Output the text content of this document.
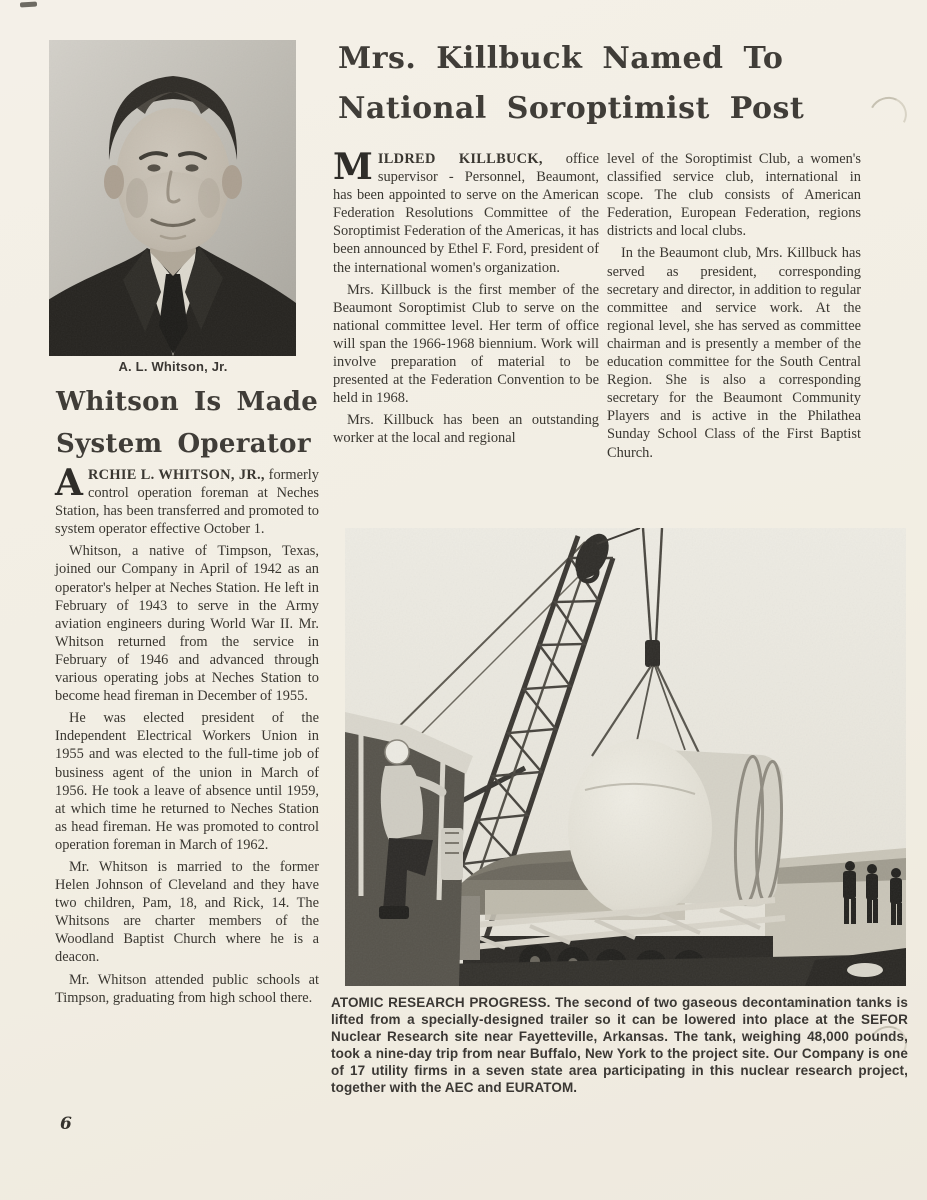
A. L. Whitson, Jr.
Whitson Is Made
System Operator

ARCHIE L. WHITSON, JR., formerly control operation foreman at Neches Station, has been transferred and promoted to system operator effective October 1.

Whitson, a native of Timpson, Texas, joined our Company in April of 1942 as an operator's helper at Neches Station. He left in February of 1943 to serve in the Army aviation engineers during World War II. Mr. Whitson returned from the service in February of 1946 and advanced through various operating jobs at Neches Station to become head fireman in December of 1955.

He was elected president of the Independent Electrical Workers Union in 1955 and was elected to the full-time job of business agent of the union in March of 1956. He took a leave of absence until 1959, at which time he returned to Neches Station as head fireman. He was promoted to control operation foreman in March of 1962.

Mr. Whitson is married to the former Helen Johnson of Cleveland and they have two children, Pam, 18, and Rick, 14. The Whitsons are charter members of the Woodland Baptist Church where he is a deacon.

Mr. Whitson attended public schools at Timpson, graduating from high school there.

6
Mrs. Killbuck Named To
National Soroptimist Post

MILDRED KILLBUCK, office supervisor - Personnel, Beaumont, has been appointed to serve on the American Federation Resolutions Committee of the Soroptimist Federation of the Americas, it has been announced by Ethel F. Ford, president of the international women's organization.

Mrs. Killbuck is the first member of the Beaumont Soroptimist Club to serve on the national committee level. Her term of office will span the 1966-1968 biennium. Work will involve preparation of material to be presented at the Federation Convention to be held in 1968.

Mrs. Killbuck has been an outstanding worker at the local and regional

level of the Soroptimist Club, a women's classified service club, international in scope. The club consists of American Federation, European Federation, regions districts and local clubs.

In the Beaumont club, Mrs. Killbuck has served as president, corresponding secretary and director, in addition to regular committee and service work. At the regional level, she has served as committee chairman and is presently a member of the education committee for the South Central Region. She is also a corresponding secretary for the Beaumont Community Players and is active in the Philathea Sunday School Class of the First Baptist Church.

ATOMIC RESEARCH PROGRESS. The second of two gaseous decontamination tanks is lifted from a specially-designed trailer so it can be lowered into place at the SEFOR Nuclear Research site near Fayetteville, Arkansas. The tank, weighing 48,000 pounds, took a nine-day trip from near Buffalo, New York to the project site. Our Company is one of 17 utility firms in a seven state area participating in this nuclear research project, together with the AEC and EURATOM.
